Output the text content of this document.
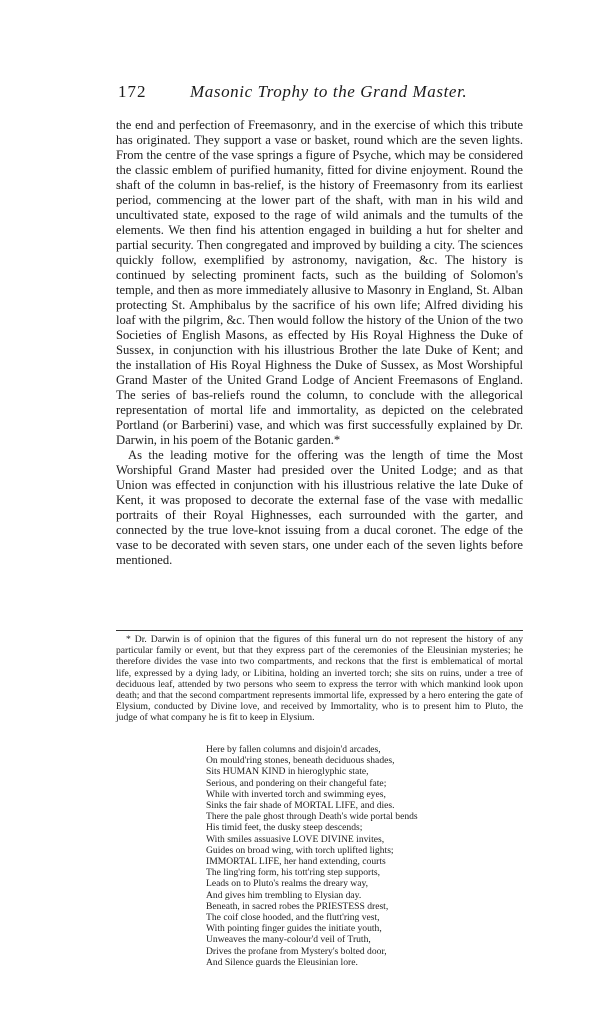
172	Masonic Trophy to the Grand Master.

the end and perfection of Freemasonry, and in the exercise of which this tribute has originated. They support a vase or basket, round which are the seven lights. From the centre of the vase springs a figure of Psyche, which may be considered the classic emblem of purified humanity, fitted for divine enjoyment. Round the shaft of the column in bas-relief, is the history of Freemasonry from its earliest period, commencing at the lower part of the shaft, with man in his wild and uncultivated state, exposed to the rage of wild animals and the tumults of the elements. We then find his attention engaged in building a hut for shelter and partial security. Then congregated and improved by building a city. The sciences quickly follow, exemplified by astronomy, navigation, &c. The history is continued by selecting prominent facts, such as the building of Solomon's temple, and then as more immediately allusive to Masonry in England, St. Alban protecting St. Amphibalus by the sacrifice of his own life; Alfred dividing his loaf with the pilgrim, &c. Then would follow the history of the Union of the two Societies of English Masons, as effected by His Royal Highness the Duke of Sussex, in conjunction with his illustrious Brother the late Duke of Kent; and the installation of His Royal Highness the Duke of Sussex, as Most Worshipful Grand Master of the United Grand Lodge of Ancient Freemasons of England. The series of bas-reliefs round the column, to conclude with the allegorical representation of mortal life and immortality, as depicted on the celebrated Portland (or Barberini) vase, and which was first successfully explained by Dr. Darwin, in his poem of the Botanic garden.*

As the leading motive for the offering was the length of time the Most Worshipful Grand Master had presided over the United Lodge; and as that Union was effected in conjunction with his illustrious relative the late Duke of Kent, it was proposed to decorate the external fase of the vase with medallic portraits of their Royal Highnesses, each surrounded with the garter, and connected by the true love-knot issuing from a ducal coronet. The edge of the vase to be decorated with seven stars, one under each of the seven lights before mentioned.

* Dr. Darwin is of opinion that the figures of this funeral urn do not represent the history of any particular family or event, but that they express part of the ceremonies of the Eleusinian mysteries; he therefore divides the vase into two compartments, and reckons that the first is emblematical of mortal life, expressed by a dying lady, or Libitina, holding an inverted torch; she sits on ruins, under a tree of deciduous leaf, attended by two persons who seem to express the terror with which mankind look upon death; and that the second compartment represents immortal life, expressed by a hero entering the gate of Elysium, conducted by Divine love, and received by Immortality, who is to present him to Pluto, the judge of what company he is fit to keep in Elysium.

Here by fallen columns and disjoin'd arcades,
On mould'ring stones, beneath deciduous shades,
Sits HUMAN KIND in hieroglyphic state,
Serious, and pondering on their changeful fate;
While with inverted torch and swimming eyes,
Sinks the fair shade of MORTAL LIFE, and dies.
There the pale ghost through Death's wide portal bends
His timid feet, the dusky steep descends;
With smiles assuasive LOVE DIVINE invites,
Guides on broad wing, with torch uplifted lights;
IMMORTAL LIFE, her hand extending, courts
The ling'ring form, his tott'ring step supports,
Leads on to Pluto's realms the dreary way,
And gives him trembling to Elysian day.
Beneath, in sacred robes the PRIESTESS drest,
The coif close hooded, and the flutt'ring vest,
With pointing finger guides the initiate youth,
Unweaves the many-colour'd veil of Truth,
Drives the profane from Mystery's bolted door,
And Silence guards the Eleusinian lore.
